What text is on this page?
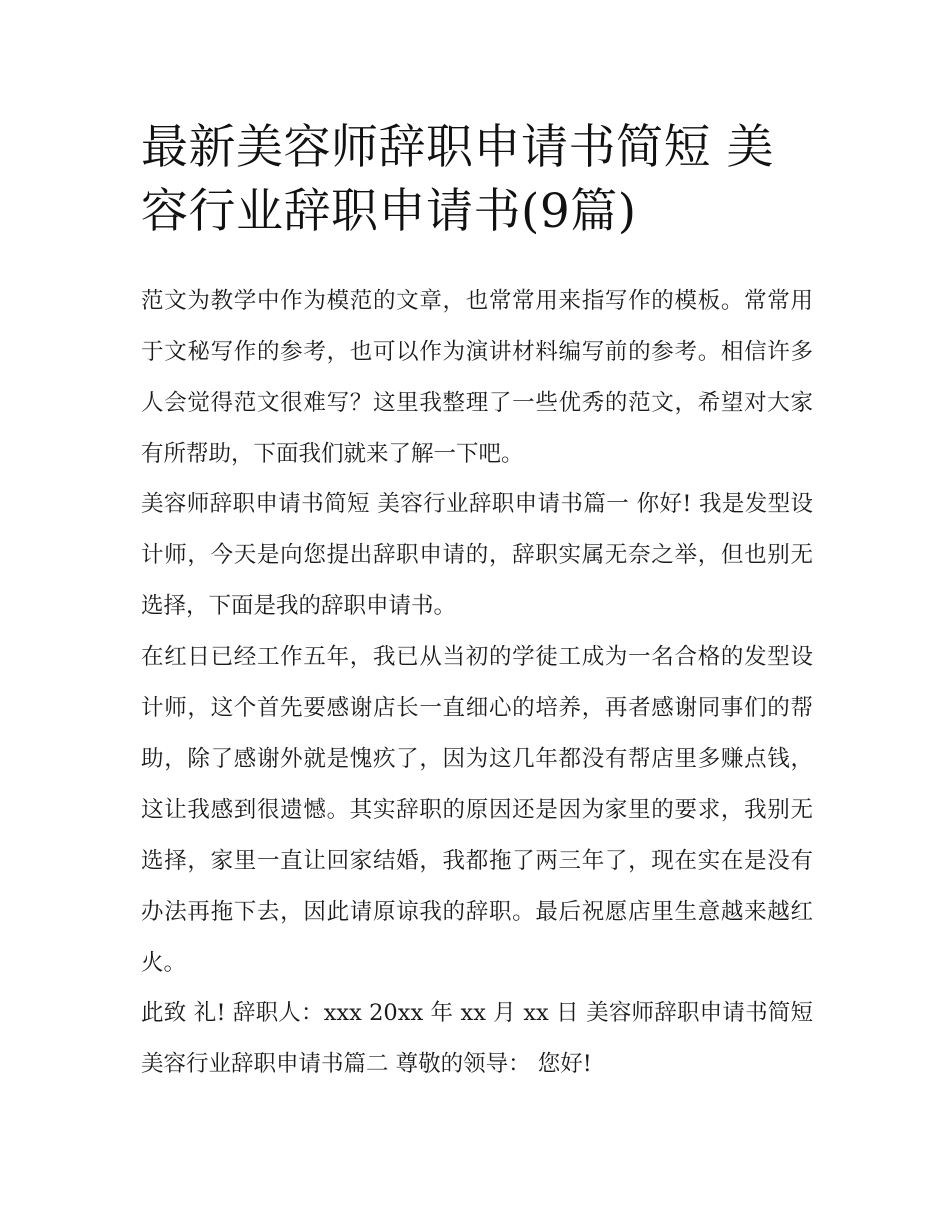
最新美容师辞职申请书简短 美容行业辞职申请书(9篇)

范文为教学中作为模范的文章，也常常用来指写作的模板。常常用于文秘写作的参考，也可以作为演讲材料编写前的参考。相信许多人会觉得范文很难写？这里我整理了一些优秀的范文，希望对大家有所帮助，下面我们就来了解一下吧。

美容师辞职申请书简短 美容行业辞职申请书篇一 你好! 我是发型设计师，今天是向您提出辞职申请的，辞职实属无奈之举，但也别无选择，下面是我的辞职申请书。

在红日已经工作五年，我已从当初的学徒工成为一名合格的发型设计师，这个首先要感谢店长一直细心的培养，再者感谢同事们的帮助，除了感谢外就是愧疚了，因为这几年都没有帮店里多赚点钱，这让我感到很遗憾。其实辞职的原因还是因为家里的要求，我别无选择，家里一直让回家结婚，我都拖了两三年了，现在实在是没有办法再拖下去，因此请原谅我的辞职。最后祝愿店里生意越来越红火。

此致 礼! 辞职人：xxx 20xx 年 xx 月 xx 日 美容师辞职申请书简短 美容行业辞职申请书篇二 尊敬的领导： 您好!
